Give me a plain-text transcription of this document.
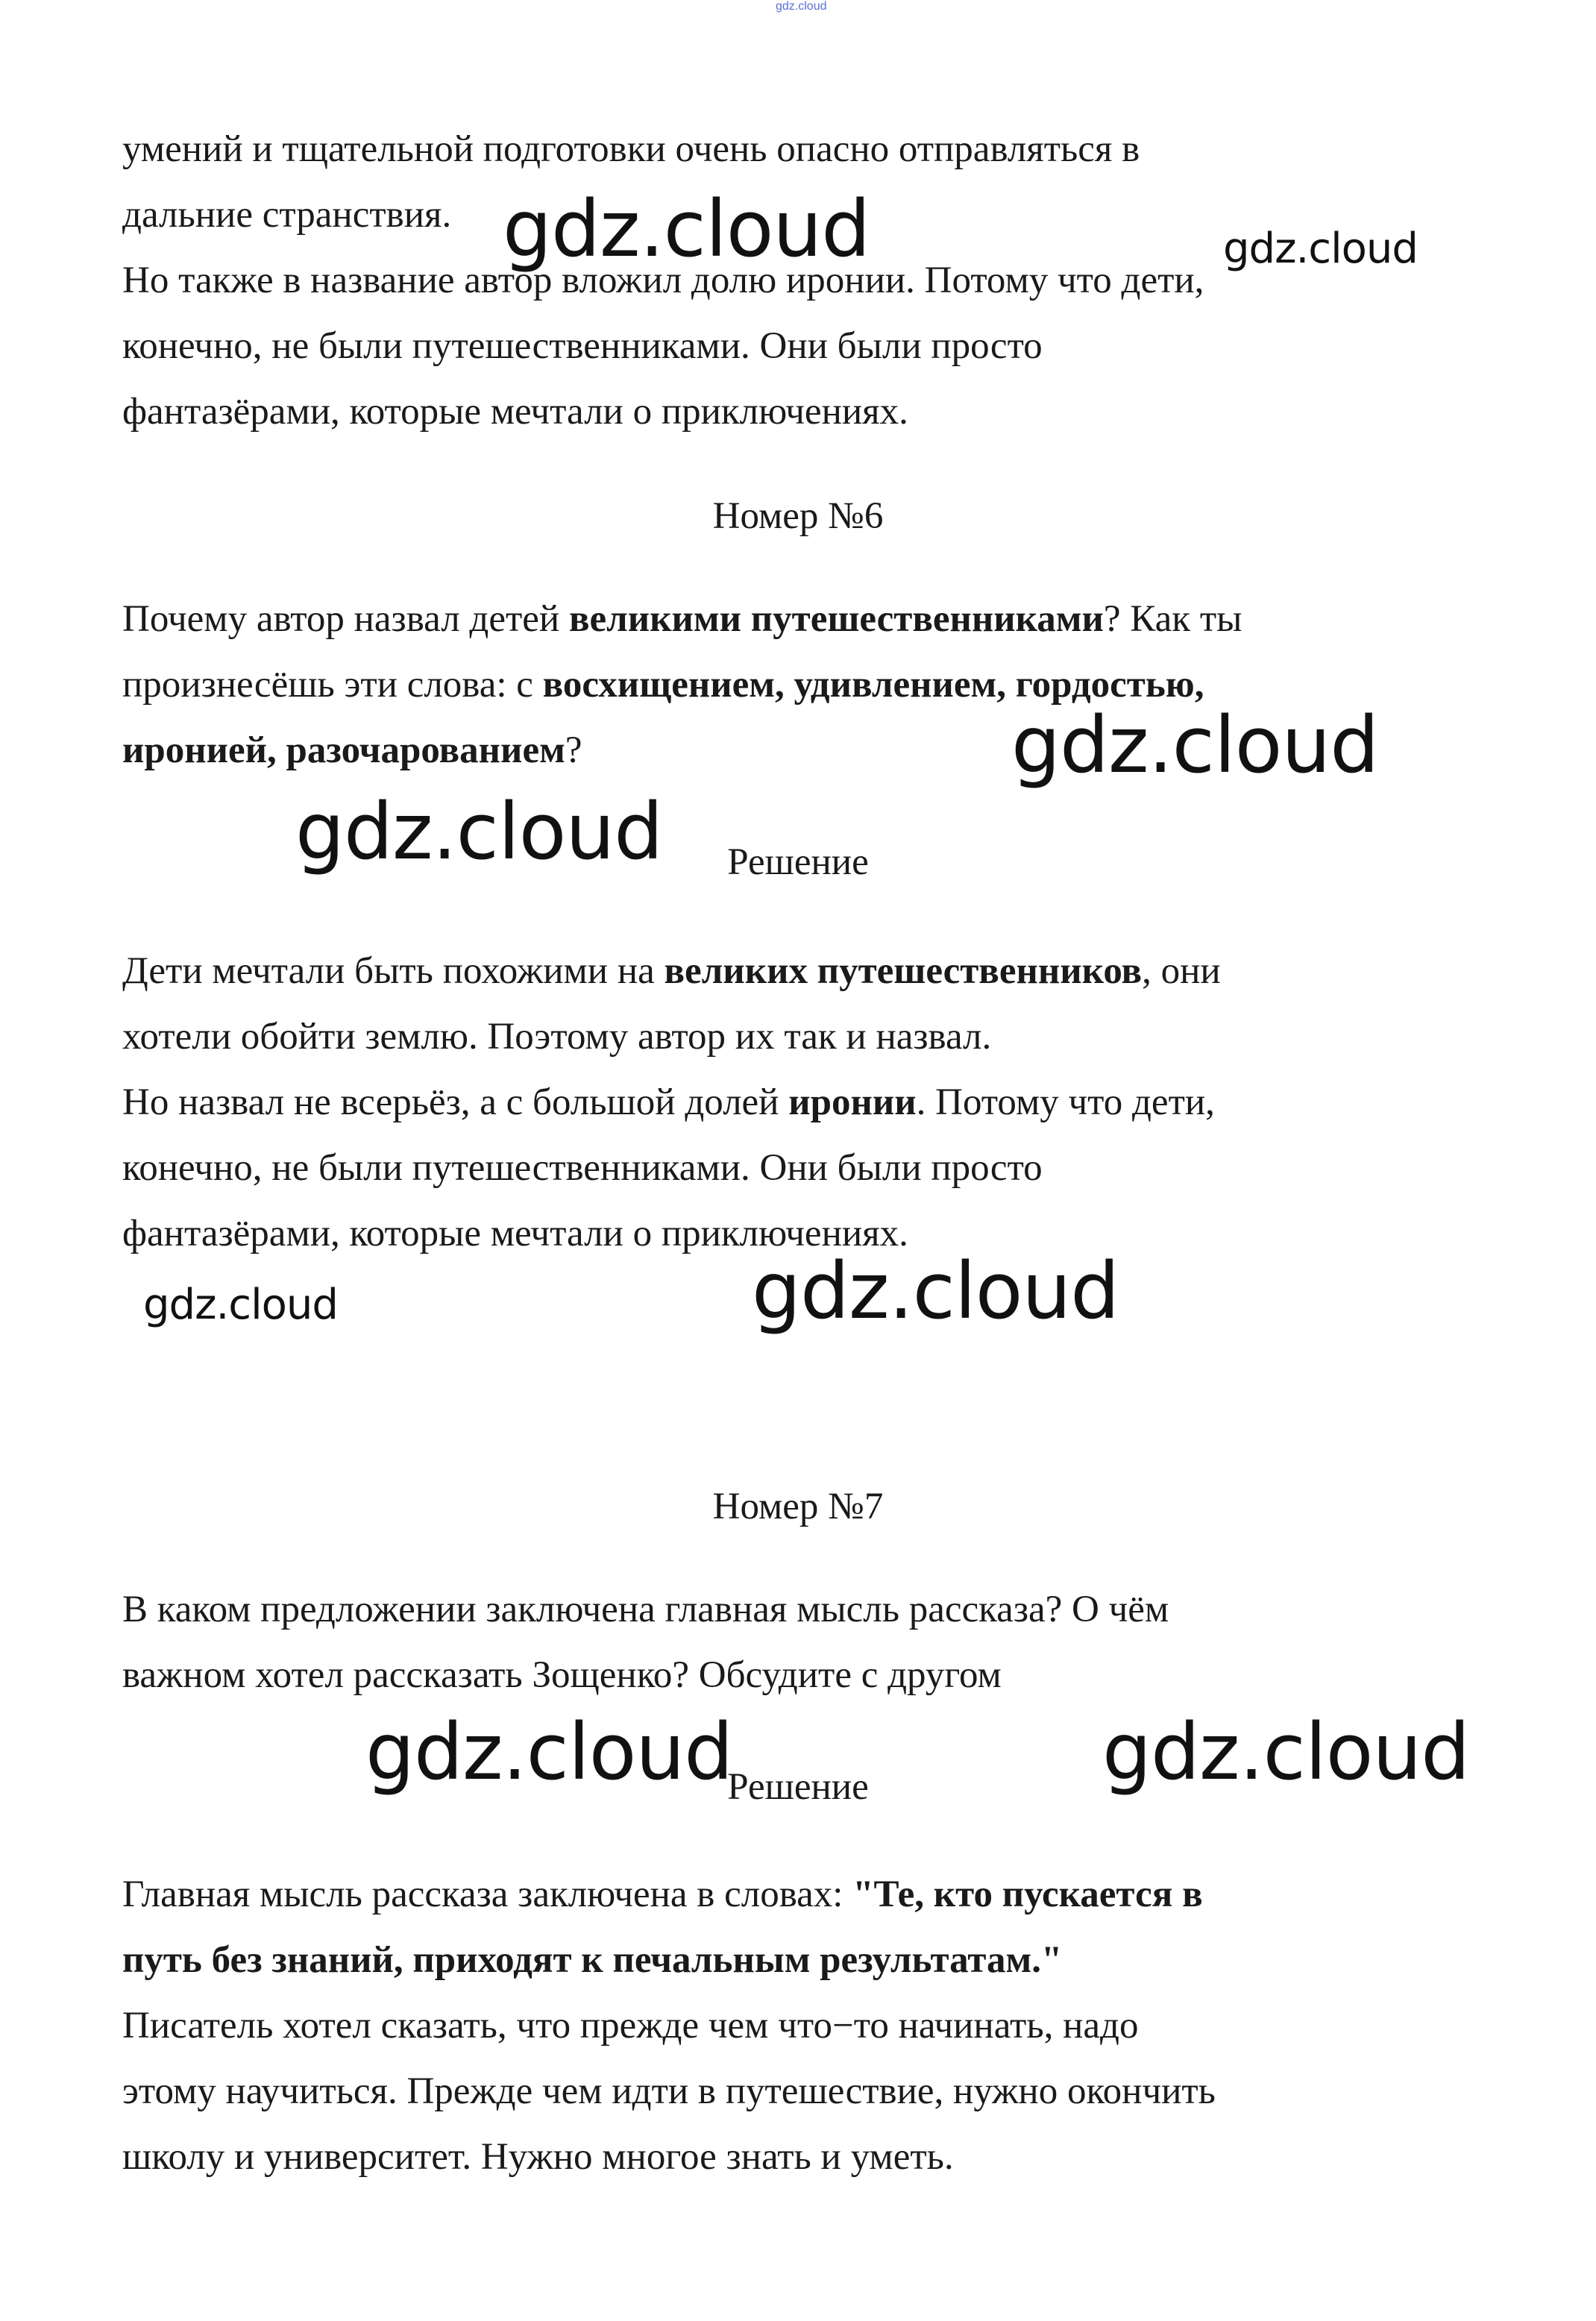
gdz.cloud
умений и тщательной подготовки очень опасно отправляться в
дальние странствия.
Но также в название автор вложил долю иронии. Потому что дети,
конечно, не были путешественниками. Они были просто
фантазёрами, которые мечтали о приключениях.
Номер №6
Почему автор назвал детей великими путешественниками? Как ты
произнесёшь эти слова: с восхищением, удивлением, гордостью,
иронией, разочарованием?
Решение
Дети мечтали быть похожими на великих путешественников, они
хотели обойти землю. Поэтому автор их так и назвал.
Но назвал не всерьёз, а с большой долей иронии. Потому что дети,
конечно, не были путешественниками. Они были просто
фантазёрами, которые мечтали о приключениях.
Номер №7
В каком предложении заключена главная мысль рассказа? О чём
важном хотел рассказать Зощенко? Обсудите с другом
Решение
Главная мысль рассказа заключена в словах: "Те, кто пускается в
путь без знаний, приходят к печальным результатам."
Писатель хотел сказать, что прежде чем что−то начинать, надо
этому научиться. Прежде чем идти в путешествие, нужно окончить
школу и университет. Нужно многое знать и уметь.
gdz.cloud	gdz.cloud
gdz.cloud
gdz.cloud
gdz.cloud
gdz.cloud
gdz.cloud	gdz.cloud
